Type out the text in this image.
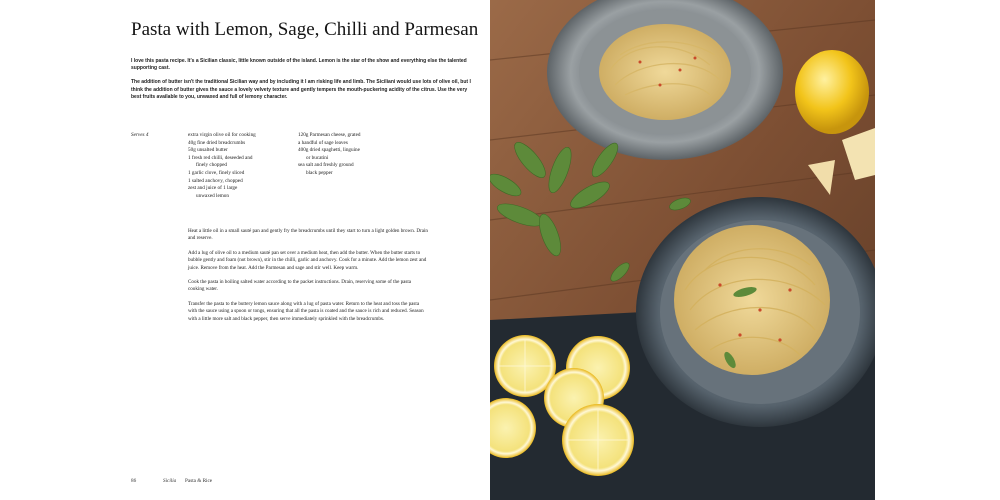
Pasta with Lemon, Sage, Chilli and Parmesan

I love this pasta recipe. It's a Sicilian classic, little known outside of the island. Lemon is the star of the show and everything else the talented supporting cast.

The addition of butter isn't the traditional Sicilian way and by including it I am risking life and limb. The Siciliani would use lots of olive oil, but I think the addition of butter gives the sauce a lovely velvety texture and gently tempers the mouth-puckering acidity of the citrus. Use the very best fruits available to you, unwaxed and full of lemony character.

Serves 4	extra virgin olive oil for cooking
40g fine dried breadcrumbs
50g unsalted butter
1 fresh red chilli, deseeded and
finely chopped
1 garlic clove, finely sliced
1 salted anchovy, chopped
zest and juice of 1 large
unwaxed lemon
120g Parmesan cheese, grated
a handful of sage leaves
400g dried spaghetti, linguine
or bucatini
sea salt and freshly ground
black pepper

Heat a little oil in a small sauté pan and gently fry the breadcrumbs until they start to turn a light golden brown. Drain and reserve.

Add a lug of olive oil to a medium sauté pan set over a medium heat, then add the butter. When the butter starts to bubble gently and foam (not brown), stir in the chilli, garlic and anchovy. Cook for a minute. Add the lemon zest and juice. Remove from the heat. Add the Parmesan and sage and stir well. Keep warm.

Cook the pasta in boiling salted water according to the packet instructions. Drain, reserving some of the pasta cooking water.

Transfer the pasta to the buttery lemon sauce along with a lug of pasta water. Return to the heat and toss the pasta with the sauce using a spoon or tongs, ensuring that all the pasta is coated and the sauce is rich and reduced. Season with a little more salt and black pepper, then serve immediately sprinkled with the breadcrumbs.

86	Sicilia	Pasta & Rice
